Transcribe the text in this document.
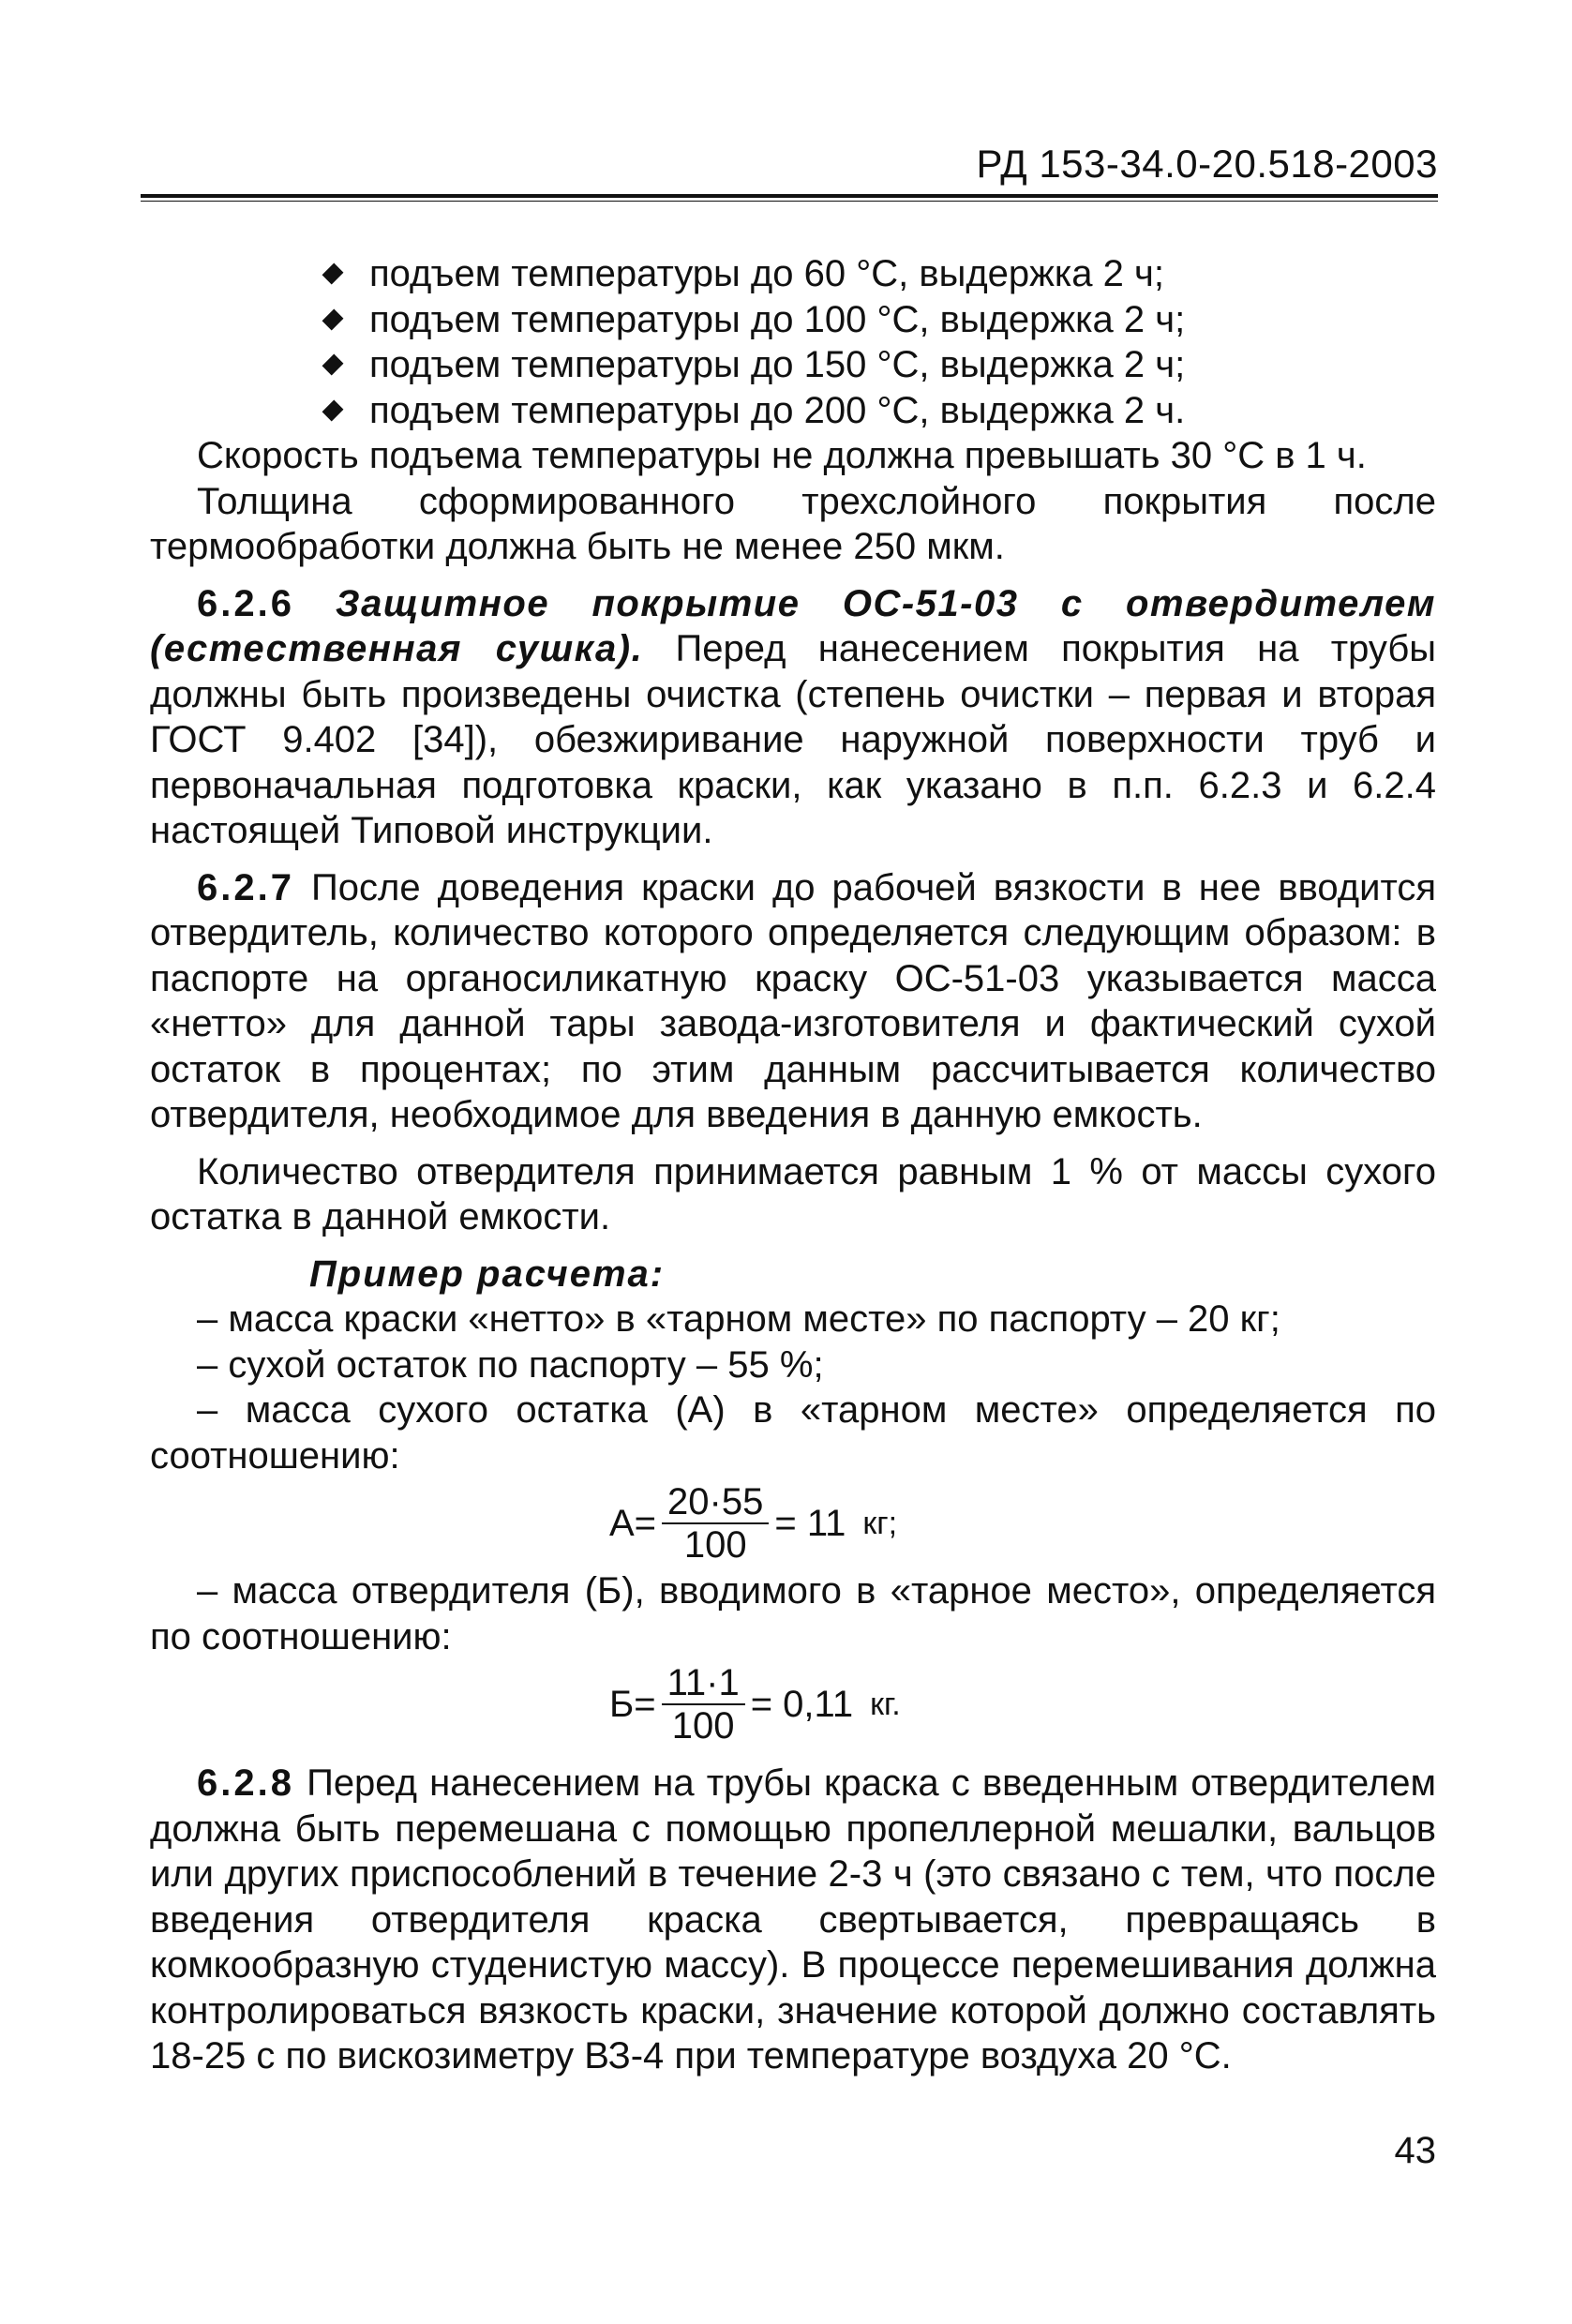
РД 153-34.0-20.518-2003
подъем температуры до 60 °С, выдержка 2 ч;
подъем температуры до 100 °С, выдержка 2 ч;
подъем температуры до 150 °С, выдержка 2 ч;
подъем температуры до 200 °С, выдержка 2 ч.

Скорость подъема температуры не должна превышать 30 °С в 1 ч.

Толщина сформированного трехслойного покрытия после термообработки должна быть не менее 250 мкм.

6.2.6 Защитное покрытие ОС-51-03 с отвердителем (естественная сушка). Перед нанесением покрытия на трубы должны быть произведены очистка (степень очистки – первая и вторая ГОСТ 9.402 [34]), обезжиривание наружной поверхности труб и первоначальная подготовка краски, как указано в п.п. 6.2.3 и 6.2.4 настоящей Типовой инструкции.

6.2.7 После доведения краски до рабочей вязкости в нее вводится отвердитель, количество которого определяется следующим образом: в паспорте на органосиликатную краску ОС-51-03 указывается масса «нетто» для данной тары завода-изготовителя и фактический сухой остаток в процентах; по этим данным рассчитывается количество отвердителя, необходимое для введения в данную емкость.

Количество отвердителя принимается равным 1 % от массы сухого остатка в данной емкости.

Пример расчета:

– масса краски «нетто» в «тарном месте» по паспорту – 20 кг;

– сухой остаток по паспорту – 55 %;

– масса сухого остатка (А) в «тарном месте» определяется по соотношению:

$А= \frac{20\cdot 55}{100} = 11$ кг;

– масса отвердителя (Б), вводимого в «тарное место», определяется по соотношению:

$Б= \frac{11\cdot 1}{100} = 0,11$ кг.

6.2.8 Перед нанесением на трубы краска с введенным отвердителем должна быть перемешана с помощью пропеллерной мешалки, вальцов или других приспособлений в течение 2-3 ч (это связано с тем, что после введения отвердителя краска свертывается, превращаясь в комкообразную студенистую массу). В процессе перемешивания должна контролироваться вязкость краски, значение которой должно составлять 18-25 с по вискозиметру ВЗ-4 при температуре воздуха 20 °С.

43
